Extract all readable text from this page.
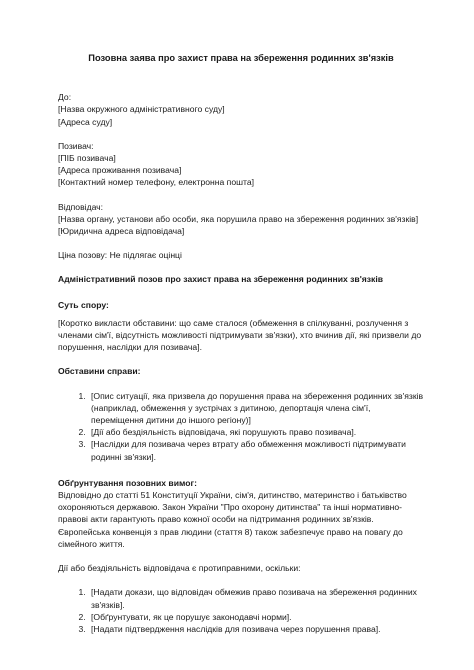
Позовна заява про захист права на збереження родинних зв'язків
До:
[Назва окружного адміністративного суду]
[Адреса суду]
Позивач:
[ПІБ позивача]
[Адреса проживання позивача]
[Контактний номер телефону, електронна пошта]
Відповідач:
[Назва органу, установи або особи, яка порушила право на збереження родинних зв'язків]
[Юридична адреса відповідача]
Ціна позову: Не підлягає оцінці
Адміністративний позов про захист права на збереження родинних зв'язків
Суть спору:

[Коротко викласти обставини: що саме сталося (обмеження в спілкуванні, розлучення з членами сім'ї, відсутність можливості підтримувати зв'язки), хто вчинив дії, які призвели до порушення, наслідки для позивача].

Обставини справи:
1. [Опис ситуації, яка призвела до порушення права на збереження родинних зв'язків (наприклад, обмеження у зустрічах з дитиною, депортація члена сім'ї, переміщення дитини до іншого регіону)]
2. [Дії або бездіяльність відповідача, які порушують право позивача].
3. [Наслідки для позивача через втрату або обмеження можливості підтримувати родинні зв'язки].
Обґрунтування позовних вимог:

Відповідно до статті 51 Конституції України, сім'я, дитинство, материнство і батьківство охороняються державою. Закон України "Про охорону дитинства" та інші нормативно-правові акти гарантують право кожної особи на підтримання родинних зв'язків. Європейська конвенція з прав людини (стаття 8) також забезпечує право на повагу до сімейного життя.

Дії або бездіяльність відповідача є протиправними, оскільки:

1. [Надати докази, що відповідач обмежив право позивача на збереження родинних зв'язків].
2. [Обґрунтувати, як це порушує законодавчі норми].
3. [Надати підтвердження наслідків для позивача через порушення права].
